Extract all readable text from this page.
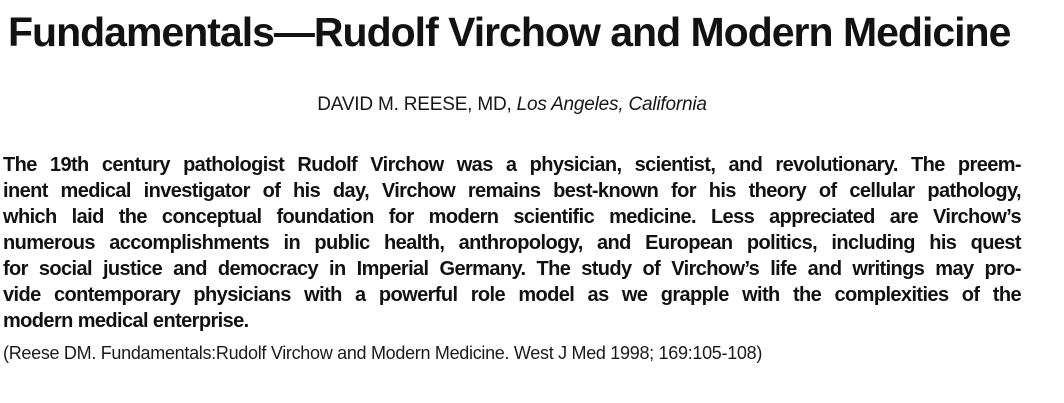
Fundamentals—Rudolf Virchow and Modern Medicine
DAVID M. REESE, MD, Los Angeles, California
The 19th century pathologist Rudolf Virchow was a physician, scientist, and revolutionary. The preem-
inent medical investigator of his day, Virchow remains best-known for his theory of cellular pathology,
which laid the conceptual foundation for modern scientific medicine. Less appreciated are Virchow’s
numerous accomplishments in public health, anthropology, and European politics, including his quest
for social justice and democracy in Imperial Germany. The study of Virchow’s life and writings may pro-
vide contemporary physicians with a powerful role model as we grapple with the complexities of the
modern medical enterprise.
(Reese DM. Fundamentals:Rudolf Virchow and Modern Medicine. West J Med 1998; 169:105-108)
